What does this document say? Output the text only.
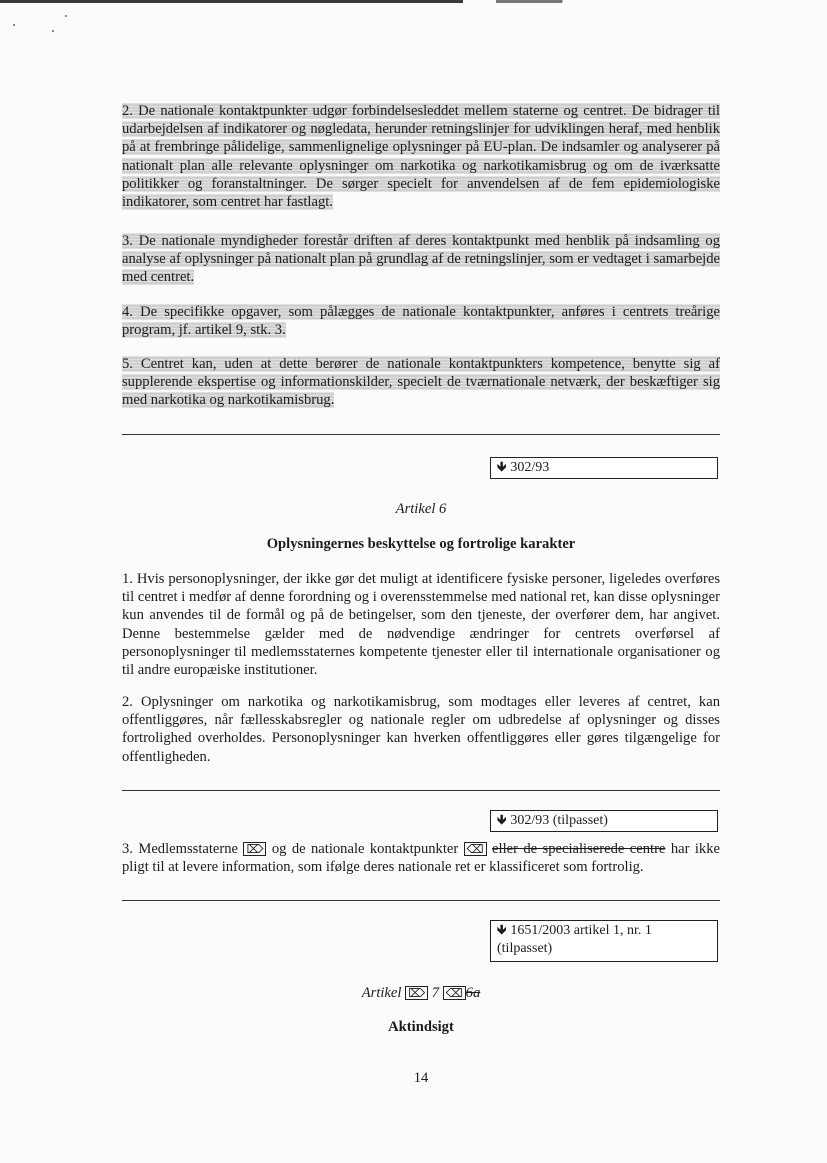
2. De nationale kontaktpunkter udgør forbindelsesleddet mellem staterne og centret. De bidrager til udarbejdelsen af indikatorer og nøgledata, herunder retningslinjer for udviklingen heraf, med henblik på at frembringe pålidelige, sammenlignelige oplysninger på EU-plan. De indsamler og analyserer på nationalt plan alle relevante oplysninger om narkotika og narkotikamisbrug og om de iværksatte politikker og foranstaltninger. De sørger specielt for anvendelsen af de fem epidemiologiske indikatorer, som centret har fastlagt.

3. De nationale myndigheder forestår driften af deres kontaktpunkt med henblik på indsamling og analyse af oplysninger på nationalt plan på grundlag af de retningslinjer, som er vedtaget i samarbejde med centret.

4. De specifikke opgaver, som pålægges de nationale kontaktpunkter, anføres i centrets treårige program, jf. artikel 9, stk. 3.

5. Centret kan, uden at dette berører de nationale kontaktpunkters kompetence, benytte sig af supplerende ekspertise og informationskilder, specielt de tværnationale netværk, der beskæftiger sig med narkotika og narkotikamisbrug.

🡻 302/93
Artikel 6
Oplysningernes beskyttelse og fortrolige karakter

1. Hvis personoplysninger, der ikke gør det muligt at identificere fysiske personer, ligeledes overføres til centret i medfør af denne forordning og i overensstemmelse med national ret, kan disse oplysninger kun anvendes til de formål og på de betingelser, som den tjeneste, der overfører dem, har angivet. Denne bestemmelse gælder med de nødvendige ændringer for centrets overførsel af personoplysninger til medlemsstaternes kompetente tjenester eller til internationale organisationer og til andre europæiske institutioner.

2. Oplysninger om narkotika og narkotikamisbrug, som modtages eller leveres af centret, kan offentliggøres, når fællesskabsregler og nationale regler om udbredelse af oplysninger og disses fortrolighed overholdes. Personoplysninger kan hverken offentliggøres eller gøres tilgængelige for offentligheden.

🡻 302/93 (tilpasset)

3. Medlemsstaterne ⌦ og de nationale kontaktpunkter ⌫ eller de specialiserede centre har ikke pligt til at levere information, som ifølge deres nationale ret er klassificeret som fortrolig.

🡻 1651/2003 artikel 1, nr. 1
(tilpasset)
Artikel ⌦ 7 ⌫ 6a
Aktindsigt
14
